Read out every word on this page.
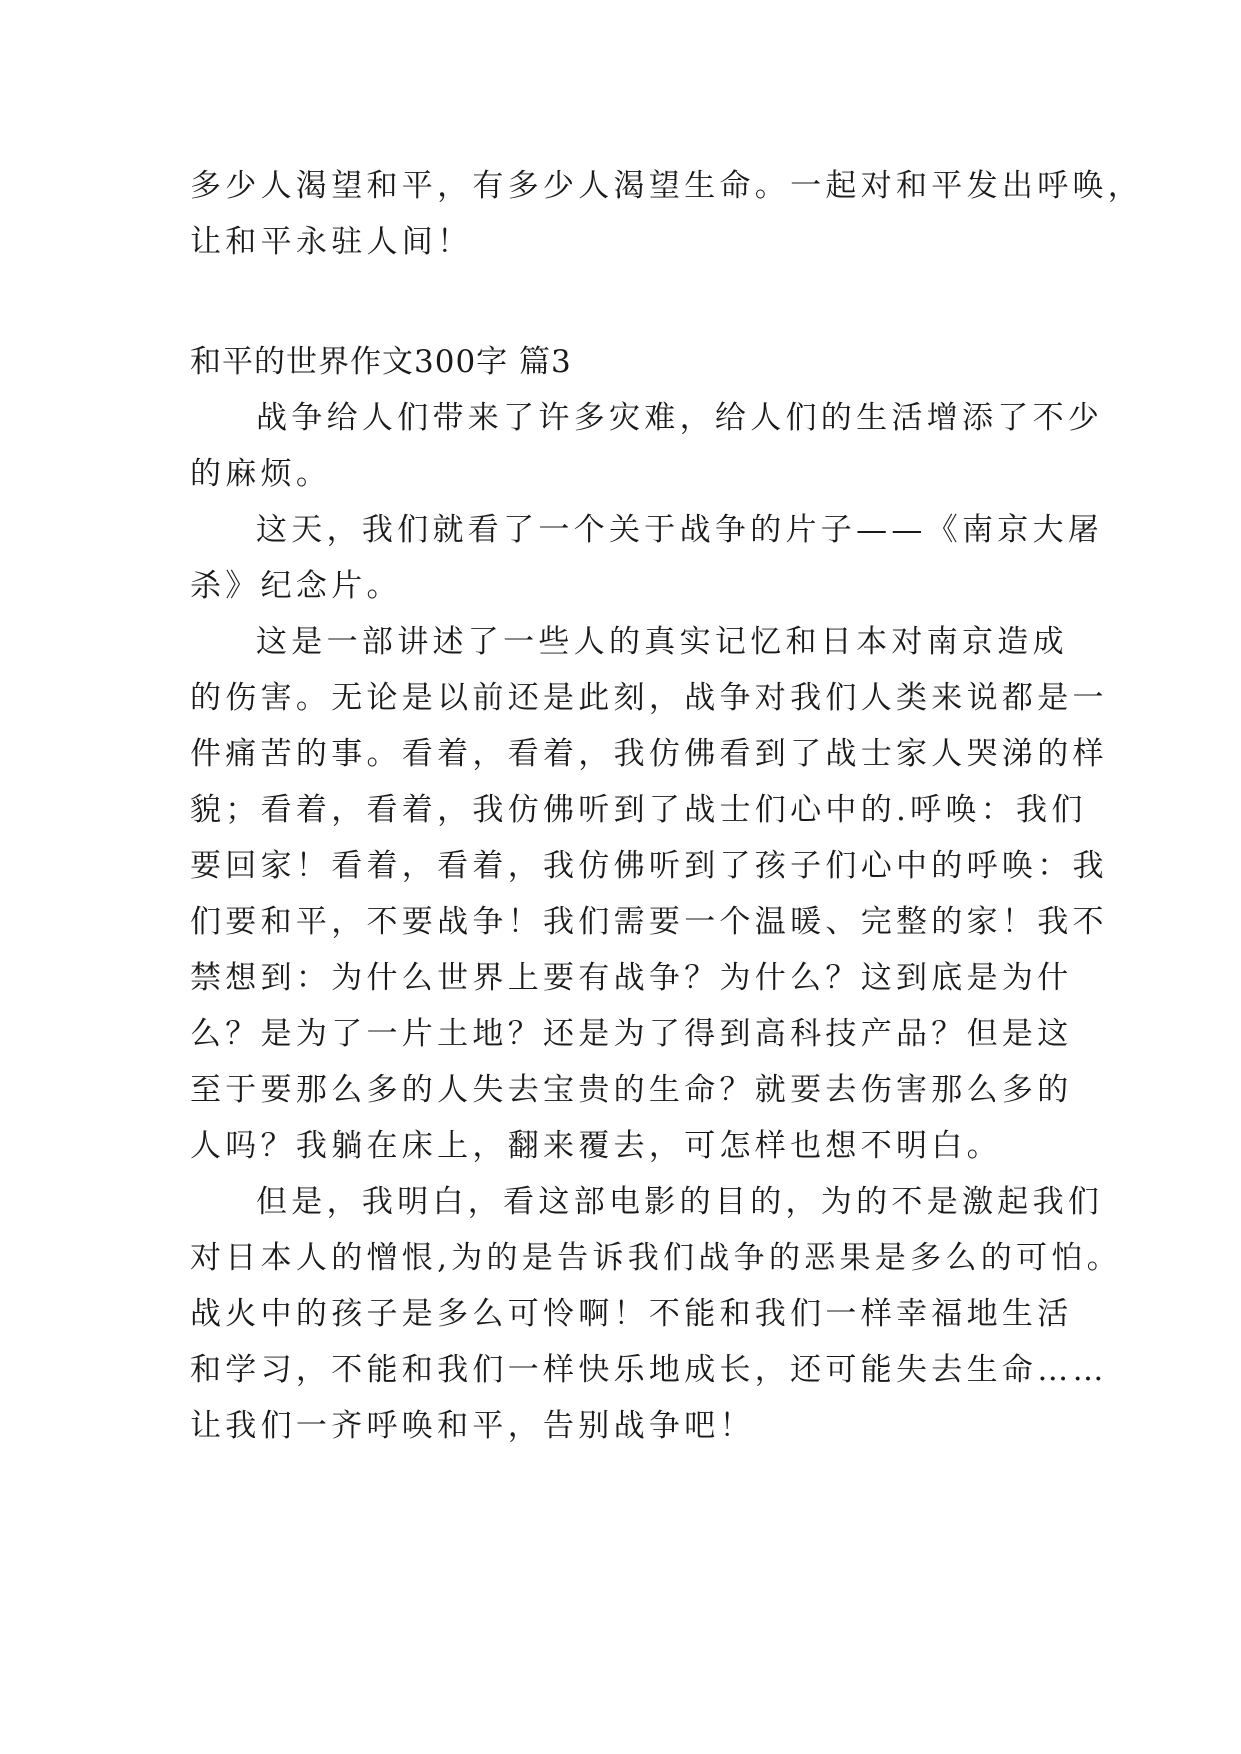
多少人渴望和平，有多少人渴望生命。一起对和平发出呼唤，
让和平永驻人间！
和平的世界作文300字 篇3
战争给人们带来了许多灾难，给人们的生活增添了不少
的麻烦。
这天，我们就看了一个关于战争的片子——《南京大屠
杀》纪念片。
这是一部讲述了一些人的真实记忆和日本对南京造成
的伤害。无论是以前还是此刻，战争对我们人类来说都是一
件痛苦的事。看着，看着，我仿佛看到了战士家人哭涕的样
貌；看着，看着，我仿佛听到了战士们心中的.呼唤：我们
要回家！看着，看着，我仿佛听到了孩子们心中的呼唤：我
们要和平，不要战争！我们需要一个温暖、完整的家！我不
禁想到：为什么世界上要有战争？为什么？这到底是为什
么？是为了一片土地？还是为了得到高科技产品？但是这
至于要那么多的人失去宝贵的生命？就要去伤害那么多的
人吗？我躺在床上，翻来覆去，可怎样也想不明白。
但是，我明白，看这部电影的目的，为的不是激起我们
对日本人的憎恨,为的是告诉我们战争的恶果是多么的可怕。
战火中的孩子是多么可怜啊！不能和我们一样幸福地生活
和学习，不能和我们一样快乐地成长，还可能失去生命……
让我们一齐呼唤和平，告别战争吧！
